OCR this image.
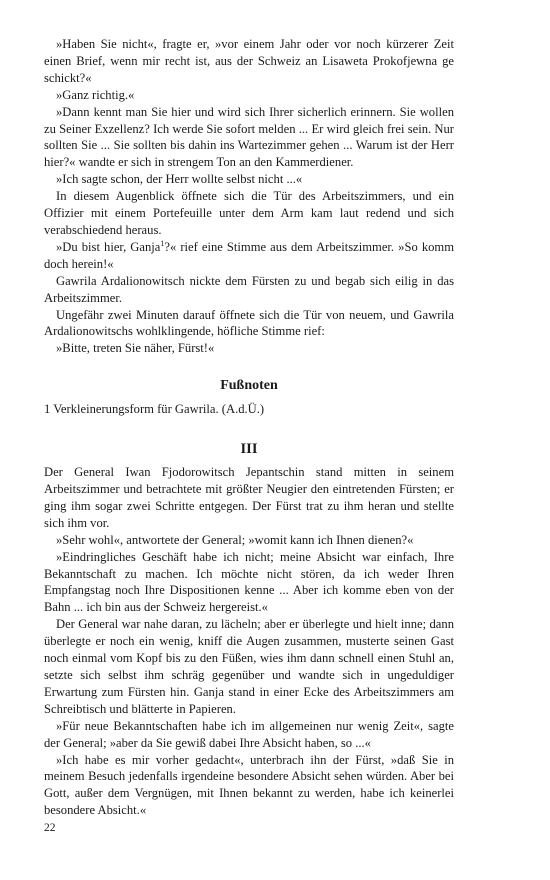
»Haben Sie nicht«, fragte er, »vor einem Jahr oder vor noch kürzerer Zeit einen Brief, wenn mir recht ist, aus der Schweiz an Lisaweta Prokofjewna ge schickt?«

»Ganz richtig.«

»Dann kennt man Sie hier und wird sich Ihrer sicherlich erinnern. Sie wollen zu Seiner Exzellenz? Ich werde Sie sofort melden ... Er wird gleich frei sein. Nur sollten Sie ... Sie sollten bis dahin ins Wartezimmer gehen ... Warum ist der Herr hier?« wandte er sich in strengem Ton an den Kammerdiener.

»Ich sagte schon, der Herr wollte selbst nicht ...«

In diesem Augenblick öffnete sich die Tür des Arbeitszimmers, und ein Offizier mit einem Portefeuille unter dem Arm kam laut redend und sich verabschiedend heraus.

»Du bist hier, Ganja$^1$?« rief eine Stimme aus dem Arbeitszimmer. »So komm doch herein!«

Gawrila Ardalionowitsch nickte dem Fürsten zu und begab sich eilig in das Arbeitszimmer.

Ungefähr zwei Minuten darauf öffnete sich die Tür von neuem, und Gawrila Ardalionowitschs wohlklingende, höfliche Stimme rief:

»Bitte, treten Sie näher, Fürst!«

Fußnoten

1 Verkleinerungsform für Gawrila. (A.d.Ü.)

III

Der General Iwan Fjodorowitsch Jepantschin stand mitten in seinem Arbeitszimmer und betrachtete mit größter Neugier den eintretenden Fürsten; er ging ihm sogar zwei Schritte entgegen. Der Fürst trat zu ihm heran und stellte sich ihm vor.

»Sehr wohl«, antwortete der General; »womit kann ich Ihnen dienen?«

»Eindringliches Geschäft habe ich nicht; meine Absicht war einfach, Ihre Bekanntschaft zu machen. Ich möchte nicht stören, da ich weder Ihren Empfangstag noch Ihre Dispositionen kenne ... Aber ich komme eben von der Bahn ... ich bin aus der Schweiz hergereist.«

Der General war nahe daran, zu lächeln; aber er überlegte und hielt inne; dann überlegte er noch ein wenig, kniff die Augen zusammen, musterte seinen Gast noch einmal vom Kopf bis zu den Füßen, wies ihm dann schnell einen Stuhl an, setzte sich selbst ihm schräg gegenüber und wandte sich in ungeduldiger Erwartung zum Fürsten hin. Ganja stand in einer Ecke des Arbeitszimmers am Schreibtisch und blätterte in Papieren.

»Für neue Bekanntschaften habe ich im allgemeinen nur wenig Zeit«, sagte der General; »aber da Sie gewiß dabei Ihre Absicht haben, so ...«

»Ich habe es mir vorher gedacht«, unterbrach ihn der Fürst, »daß Sie in meinem Besuch jedenfalls irgendeine besondere Absicht sehen würden. Aber bei Gott, außer dem Vergnügen, mit Ihnen bekannt zu werden, habe ich keinerlei besondere Absicht.«

22
